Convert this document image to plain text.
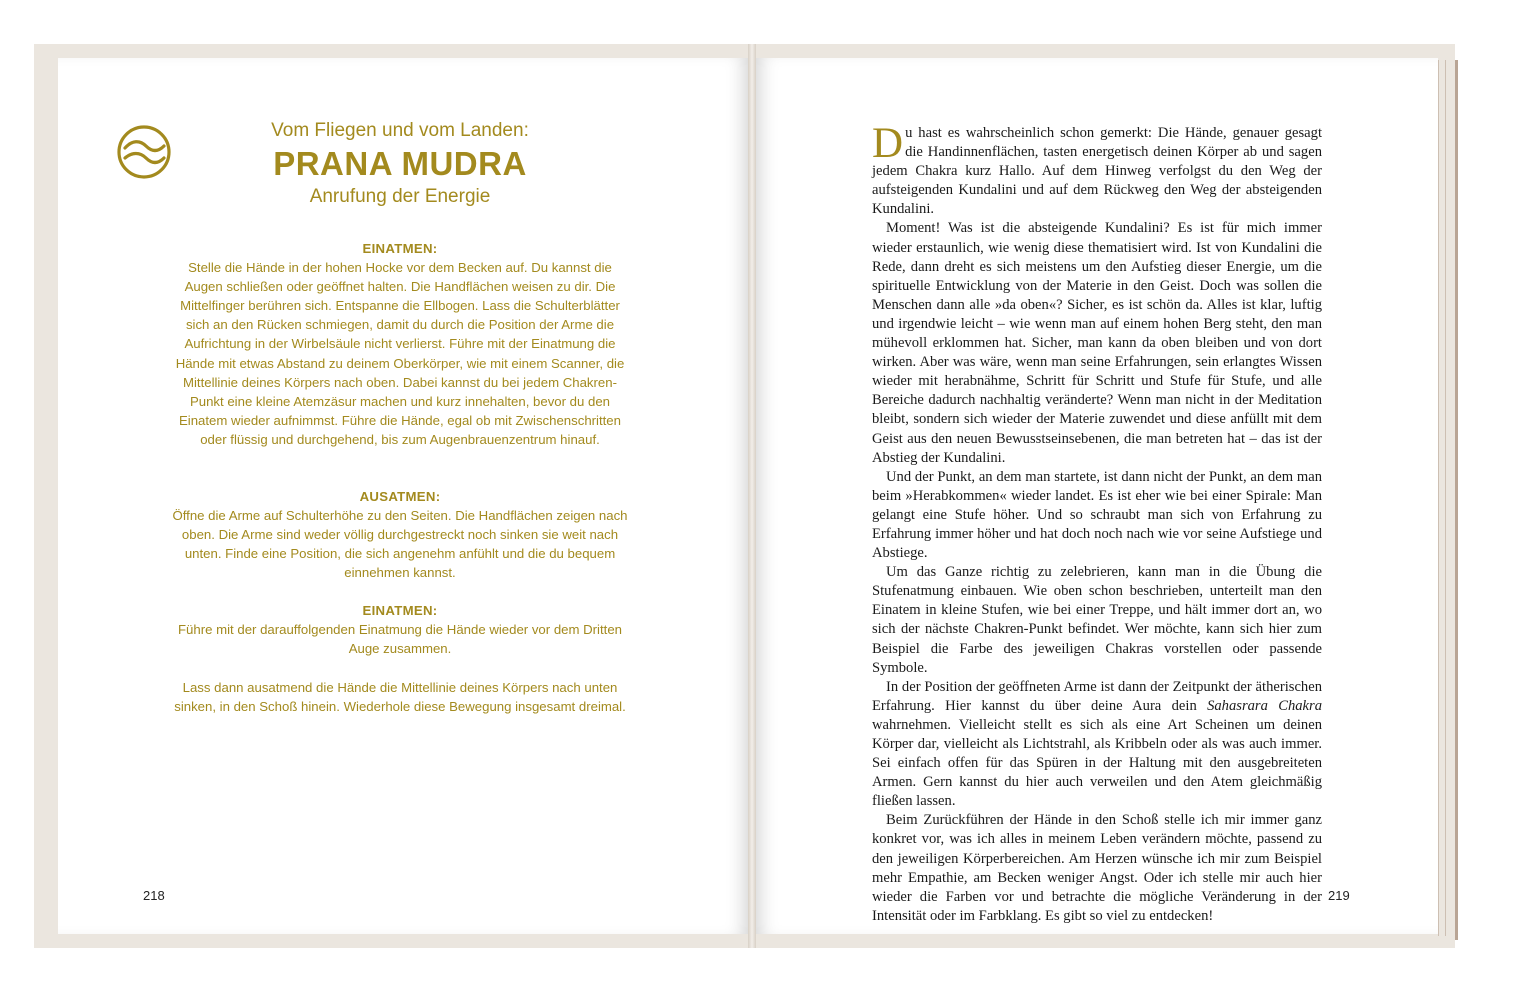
Vom Fliegen und vom Landen:
PRANA MUDRA
Anrufung der Energie

EINATMEN:

Stelle die Hände in der hohen Hocke vor dem Becken auf. Du kannst die Augen schließen oder geöffnet halten. Die Handflächen weisen zu dir. Die Mittelfinger berühren sich. Entspanne die Ellbogen. Lass die Schulterblätter sich an den Rücken schmiegen, damit du durch die Position der Arme die Aufrichtung in der Wirbelsäule nicht verlierst. Führe mit der Einatmung die Hände mit etwas Abstand zu deinem Oberkörper, wie mit einem Scanner, die Mittellinie deines Körpers nach oben. Dabei kannst du bei jedem Chakren-Punkt eine kleine Atemzäsur machen und kurz innehalten, bevor du den Einatem wieder aufnimmst. Führe die Hände, egal ob mit Zwischenschritten oder flüssig und durchgehend, bis zum Augenbrauenzentrum hinauf.

AUSATMEN:

Öffne die Arme auf Schulterhöhe zu den Seiten. Die Handflächen zeigen nach oben. Die Arme sind weder völlig durchgestreckt noch sinken sie weit nach unten. Finde eine Position, die sich angenehm anfühlt und die du bequem einnehmen kannst.

EINATMEN:

Führe mit der darauffolgenden Einatmung die Hände wieder vor dem Dritten Auge zusammen.

Lass dann ausatmend die Hände die Mittellinie deines Körpers nach unten sinken, in den Schoß hinein. Wiederhole diese Bewegung insgesamt dreimal.

218

Du hast es wahrscheinlich schon gemerkt: Die Hände, genauer gesagt die Handinnenflächen, tasten energetisch deinen Körper ab und sagen jedem Chakra kurz Hallo. Auf dem Hinweg verfolgst du den Weg der aufsteigenden Kundalini und auf dem Rückweg den Weg der absteigenden Kundalini.

Moment! Was ist die absteigende Kundalini? Es ist für mich immer wieder erstaunlich, wie wenig diese thematisiert wird. Ist von Kundalini die Rede, dann dreht es sich meistens um den Aufstieg dieser Energie, um die spirituelle Entwicklung von der Materie in den Geist. Doch was sollen die Menschen dann alle »da oben«? Sicher, es ist schön da. Alles ist klar, luftig und irgendwie leicht – wie wenn man auf einem hohen Berg steht, den man mühevoll erklommen hat. Sicher, man kann da oben bleiben und von dort wirken. Aber was wäre, wenn man seine Erfahrungen, sein erlangtes Wissen wieder mit herabnähme, Schritt für Schritt und Stufe für Stufe, und alle Bereiche dadurch nachhaltig veränderte? Wenn man nicht in der Meditation bleibt, sondern sich wieder der Materie zuwendet und diese anfüllt mit dem Geist aus den neuen Bewusstseinsebenen, die man betreten hat – das ist der Abstieg der Kundalini.

Und der Punkt, an dem man startete, ist dann nicht der Punkt, an dem man beim »Herabkommen« wieder landet. Es ist eher wie bei einer Spirale: Man gelangt eine Stufe höher. Und so schraubt man sich von Erfahrung zu Erfahrung immer höher und hat doch noch nach wie vor seine Aufstiege und Abstiege.

Um das Ganze richtig zu zelebrieren, kann man in die Übung die Stufenatmung einbauen. Wie oben schon beschrieben, unterteilt man den Einatem in kleine Stufen, wie bei einer Treppe, und hält immer dort an, wo sich der nächste Chakren-Punkt befindet. Wer möchte, kann sich hier zum Beispiel die Farbe des jeweiligen Chakras vorstellen oder passende Symbole.

In der Position der geöffneten Arme ist dann der Zeitpunkt der ätherischen Erfahrung. Hier kannst du über deine Aura dein Sahasrara Chakra wahrnehmen. Vielleicht stellt es sich als eine Art Scheinen um deinen Körper dar, vielleicht als Lichtstrahl, als Kribbeln oder als was auch immer. Sei einfach offen für das Spüren in der Haltung mit den ausgebreiteten Armen. Gern kannst du hier auch verweilen und den Atem gleichmäßig fließen lassen.

Beim Zurückführen der Hände in den Schoß stelle ich mir immer ganz konkret vor, was ich alles in meinem Leben verändern möchte, passend zu den jeweiligen Körperbereichen. Am Herzen wünsche ich mir zum Beispiel mehr Empathie, am Becken weniger Angst. Oder ich stelle mir auch hier wieder die Farben vor und betrachte die mögliche Veränderung in der Intensität oder im Farbklang. Es gibt so viel zu entdecken!

219
